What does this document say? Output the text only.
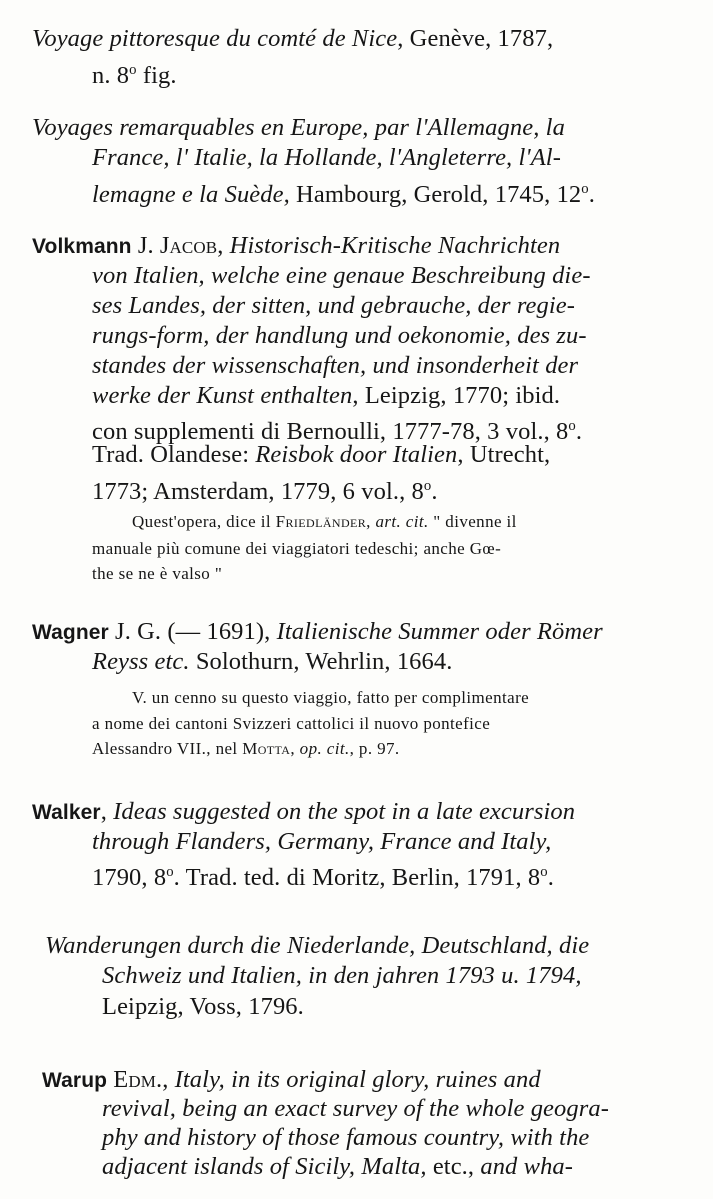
Voyage pittoresque du comté de Nice, Genève, 1787,
n. 8$^o$ fig.
Voyages remarquables en Europe, par l'Allemagne, la
France, l' Italie, la Hollande, l'Angleterre, l'Al-
lemagne e la Suède, Hambourg, Gerold, 1745, 12$^o$.
Volkmann J. Jacob, Historisch-Kritische Nachrichten
von Italien, welche eine genaue Beschreibung die-
ses Landes, der sitten, und gebrauche, der regie-
rungs-form, der handlung und oekonomie, des zu-
standes der wissenschaften, und insonderheit der
werke der Kunst enthalten, Leipzig, 1770; ibid.
con supplementi di Bernoulli, 1777-78, 3 vol., 8$^o$.
Trad. Olandese: Reisbok door Italien, Utrecht,
1773; Amsterdam, 1779, 6 vol., 8$^o$.
Quest'opera, dice il Friedländer, art. cit. " divenne il
manuale più comune dei viaggiatori tedeschi; anche Gœ-
the se ne è valso "
Wagner J. G. (— 1691), Italienische Summer oder Römer
Reyss etc. Solothurn, Wehrlin, 1664.
V. un cenno su questo viaggio, fatto per complimentare
a nome dei cantoni Svizzeri cattolici il nuovo pontefice
Alessandro VII., nel Motta, op. cit., p. 97.
Walker, Ideas suggested on the spot in a late excursion
through Flanders, Germany, France and Italy,
1790, 8$^o$. Trad. ted. di Moritz, Berlin, 1791, 8$^o$.
Wanderungen durch die Niederlande, Deutschland, die
Schweiz und Italien, in den jahren 1793 u. 1794,
Leipzig, Voss, 1796.
Warup Edm., Italy, in its original glory, ruines and
revival, being an exact survey of the whole geogra-
phy and history of those famous country, with the
adjacent islands of Sicily, Malta, etc., and wha-
